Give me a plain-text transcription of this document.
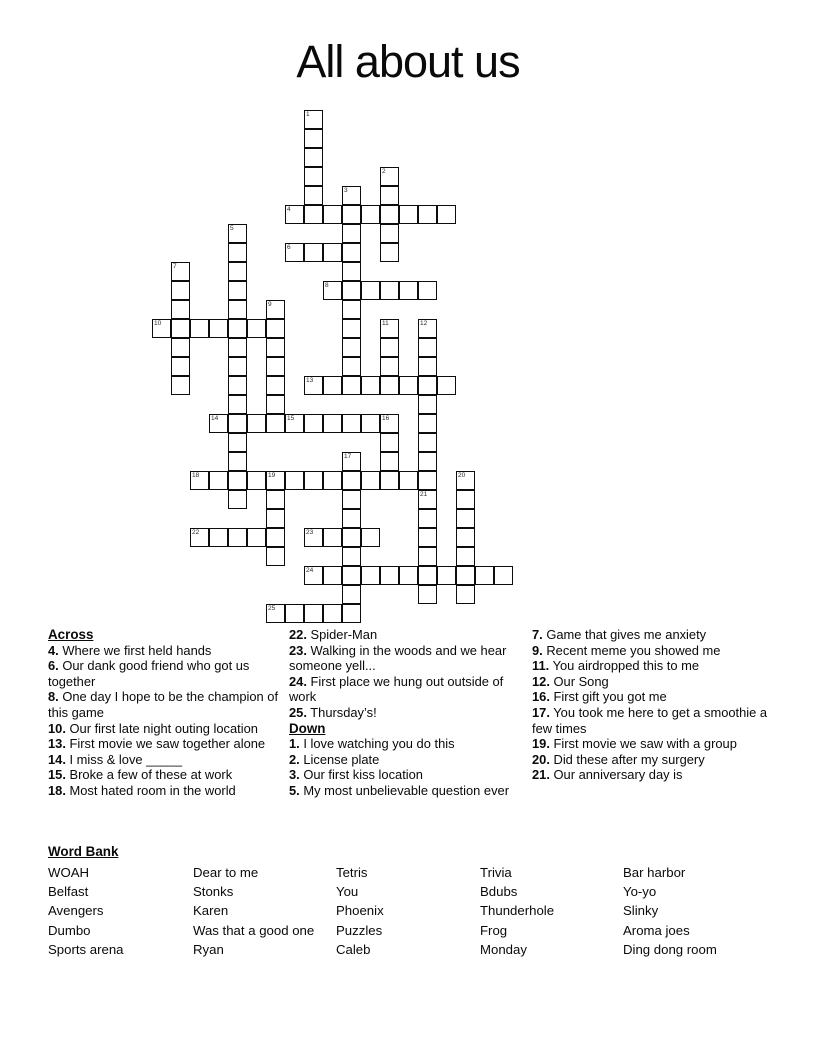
All about us
1
2
3
4
5
6
7
8
9
10	11	12
13
14	15	16
17
18	19	20
21
22	23
24
25
Across
4. Where we first held hands
6. Our dank good friend who got us together
8. One day I hope to be the champion of this game
10. Our first late night outing location
13. First movie we saw together alone
14. I miss & love _____
15. Broke a few of these at work
18. Most hated room in the world
22. Spider-Man
23. Walking in the woods and we hear someone yell...
24. First place we hung out outside of work
25. Thursday’s!
Down
1. I love watching you do this
2. License plate
3. Our first kiss location
5. My most unbelievable question ever
7. Game that gives me anxiety
9. Recent meme you showed me
11. You airdropped this to me
12. Our Song
16. First gift you got me
17. You took me here to get a smoothie a few times
19. First movie we saw with a group
20. Did these after my surgery
21. Our anniversary day is
Word Bank
WOAH
Belfast
Avengers
Dumbo
Sports arena
Dear to me
Stonks
Karen
Was that a good one
Ryan
Tetris
You
Phoenix
Puzzles
Caleb
Trivia
Bdubs
Thunderhole
Frog
Monday
Bar harbor
Yo-yo
Slinky
Aroma joes
Ding dong room
